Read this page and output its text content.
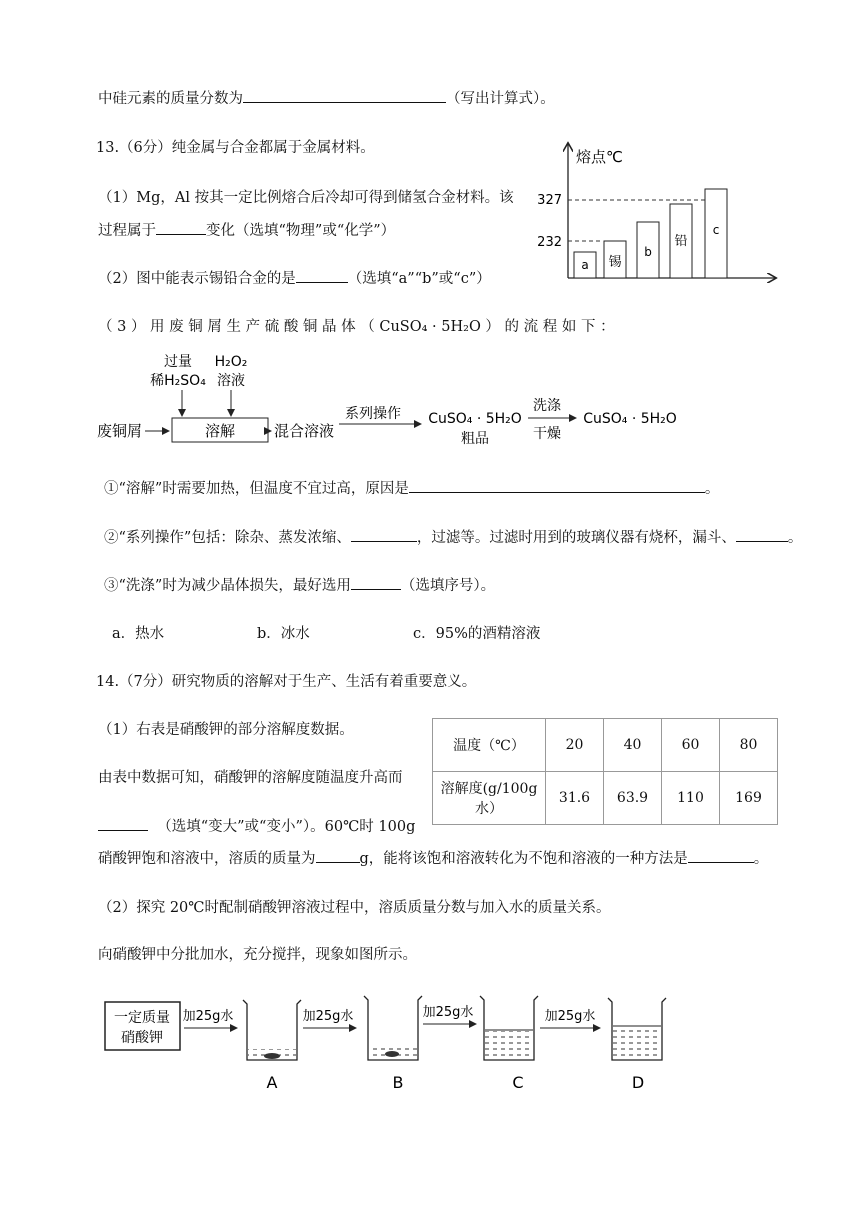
中硅元素的质量分数为	（写出计算式）。
13.（6分）纯金属与合金都属于金属材料。
（1）Mg，Al 按其一定比例熔合后冷却可得到储氢合金材料。该
过程属于	变化（选填“物理”或“化学”）
（2）图中能表示锡铅合金的是	（选填“a”“b”或“c”）
熔点℃
327
232
a 锡
b
铅
c
（ 3 ） 用 废 铜 屑 生 产 硫 酸 铜 晶 体 （ CuSO₄ · 5H₂O ） 的 流 程 如 下 ：
过量
稀H₂SO₄
H₂O₂
溶液
废铜屑	溶解	混合溶液
系列操作 CuSO₄ · 5H₂O
粗品
洗涤
干燥
CuSO₄ · 5H₂O
①“溶解”时需要加热，但温度不宜过高，原因是	。
②“系列操作”包括：除杂、蒸发浓缩、	，过滤等。过滤时用到的玻璃仪器有烧杯，漏斗、	。
③“洗涤”时为减少晶体损失，最好选用	（选填序号）。
a．热水	b．冰水	c．95%的酒精溶液
14.（7分）研究物质的溶解对于生产、生活有着重要意义。
（1）右表是硝酸钾的部分溶解度数据。
由表中数据可知，硝酸钾的溶解度随温度升高而
（选填“变大”或“变小”）。60℃时 100g
硝酸钾饱和溶液中，溶质的质量为	g，能将该饱和溶液转化为不饱和溶液的一种方法是	。
温度（℃）	20	40	60	80
溶解度(g/100g 水）	31.6	63.9	110	169
（2）探究 20℃时配制硝酸钾溶液过程中，溶质质量分数与加入水的质量关系。
向硝酸钾中分批加水，充分搅拌，现象如图所示。
一定质量
硝酸钾
加25g水
A
加25g水
B
加25g水
C
加25g水
D
